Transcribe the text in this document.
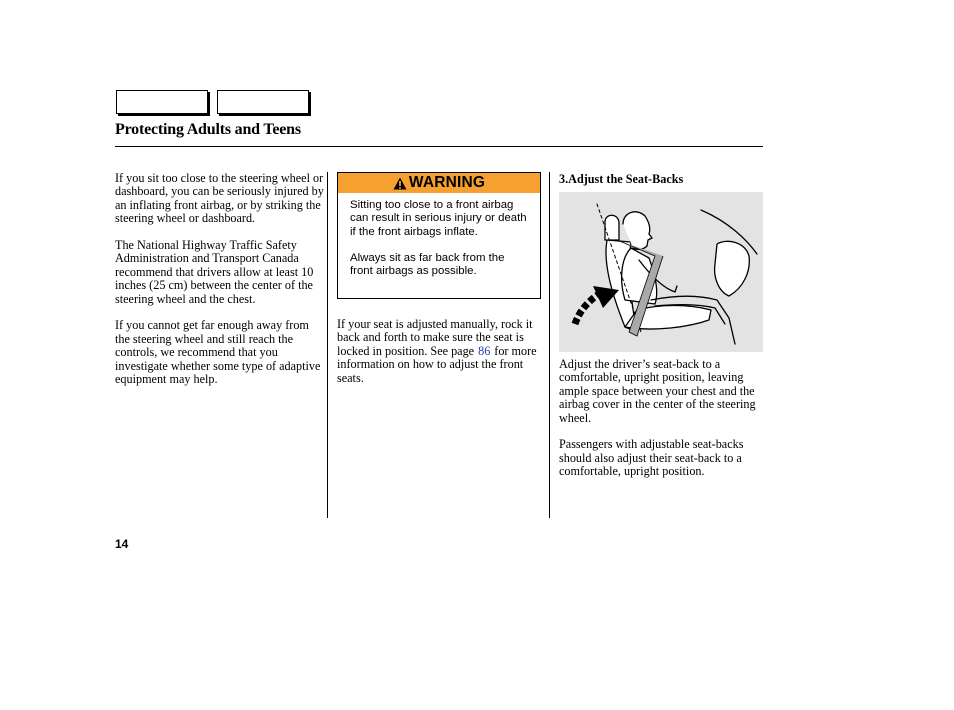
Protecting Adults and Teens

If you sit too close to the steering wheel or dashboard, you can be seriously injured by an inflating front airbag, or by striking the steering wheel or dashboard.

The National Highway Traffic Safety Administration and Transport Canada recommend that drivers allow at least 10 inches (25 cm) between the center of the steering wheel and the chest.

If you cannot get far enough away from the steering wheel and still reach the controls, we recommend that you investigate whether some type of adaptive equipment may help.

WARNING

Sitting too close to a front airbag can result in serious injury or death if the front airbags inflate.

Always sit as far back from the front airbags as possible.

If your seat is adjusted manually, rock it back and forth to make sure the seat is locked in position. See page 86 for more information on how to adjust the front seats.

3.Adjust the Seat-Backs

Adjust the driver’s seat-back to a comfortable, upright position, leaving ample space between your chest and the airbag cover in the center of the steering wheel.

Passengers with adjustable seat-backs should also adjust their seat-back to a comfortable, upright position.

14
